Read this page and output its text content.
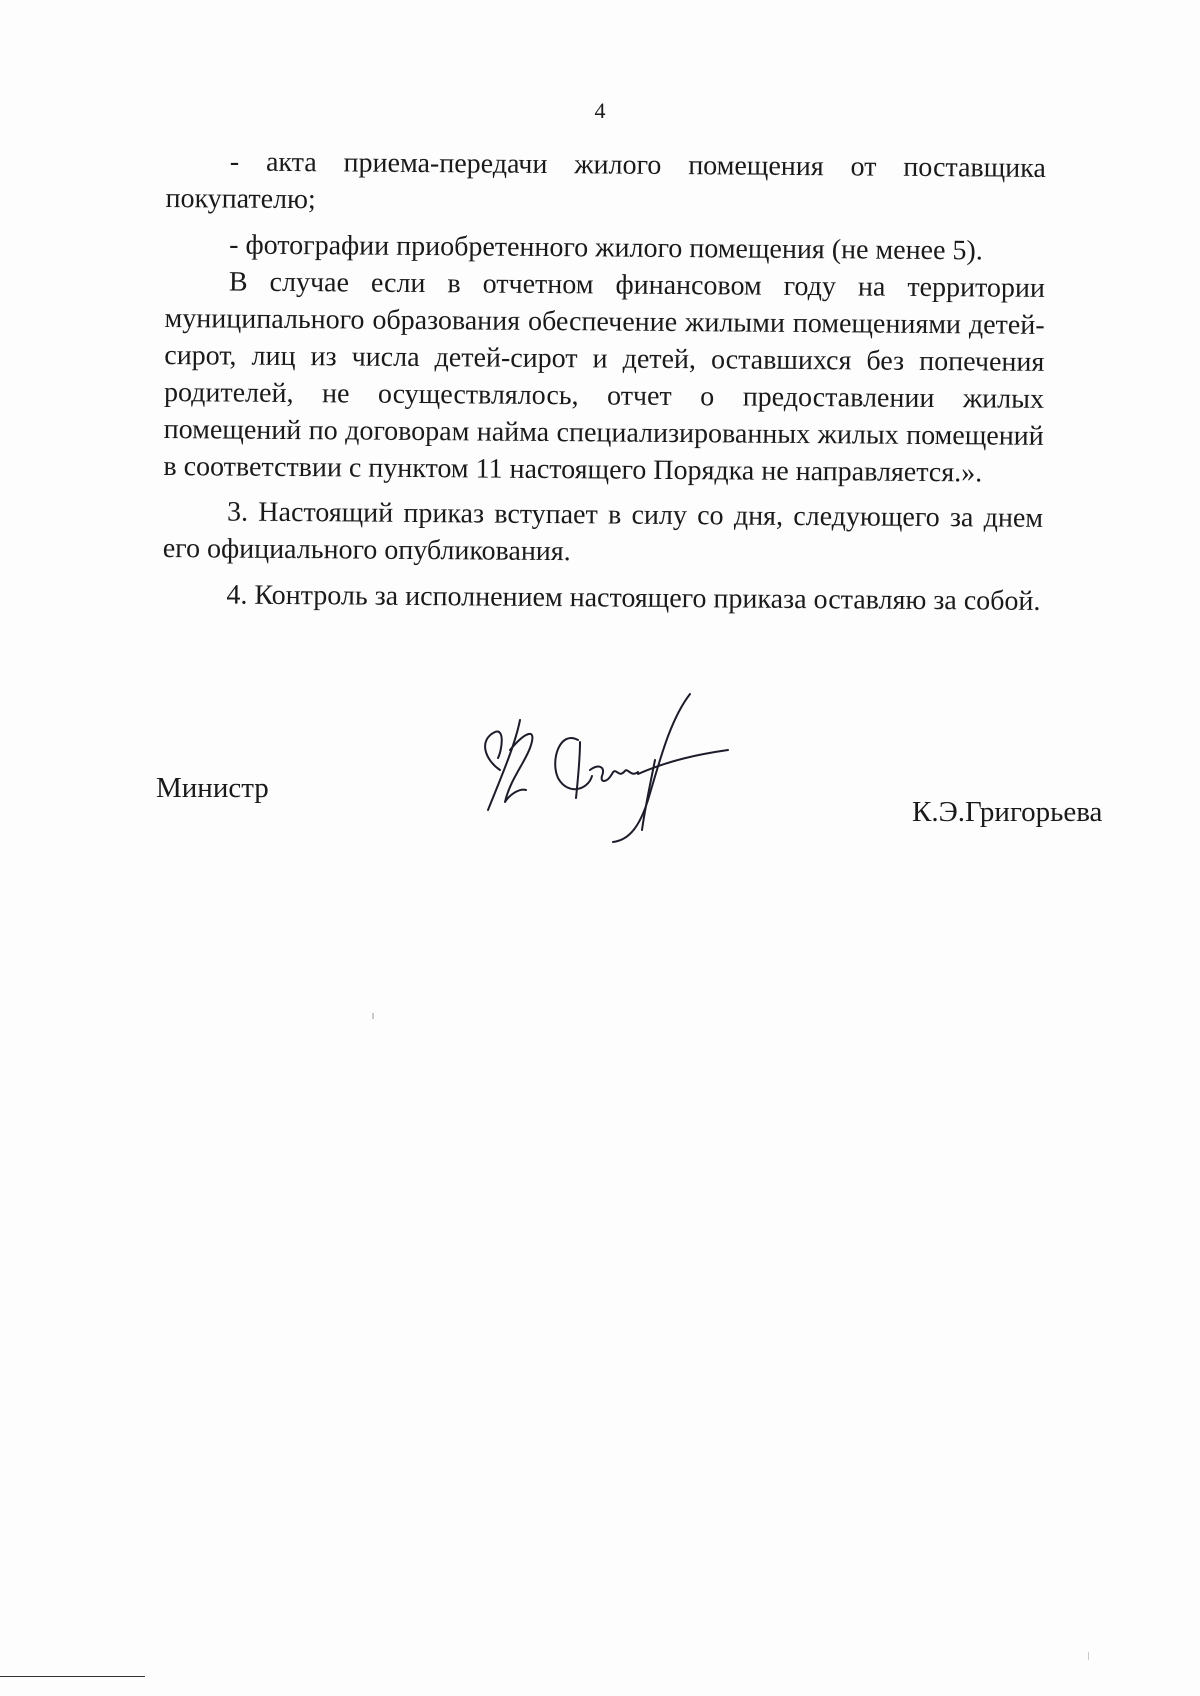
4

- акта приема-передачи жилого помещения от поставщика

покупателю;

- фотографии приобретенного жилого помещения (не менее 5).

В случае если в отчетном финансовом году на территории муниципального образования обеспечение жилыми помещениями детей-сирот, лиц из числа детей-сирот и детей, оставшихся без попечения родителей, не осуществлялось, отчет о предоставлении жилых помещений по договорам найма специализированных жилых помещений в соответствии с пунктом 11 настоящего Порядка не направляется.».

3. Настоящий приказ вступает в силу со дня, следующего за днем его официального опубликования.

4. Контроль за исполнением настоящего приказа оставляю за собой.

Министр
К.Э.Григорьева
